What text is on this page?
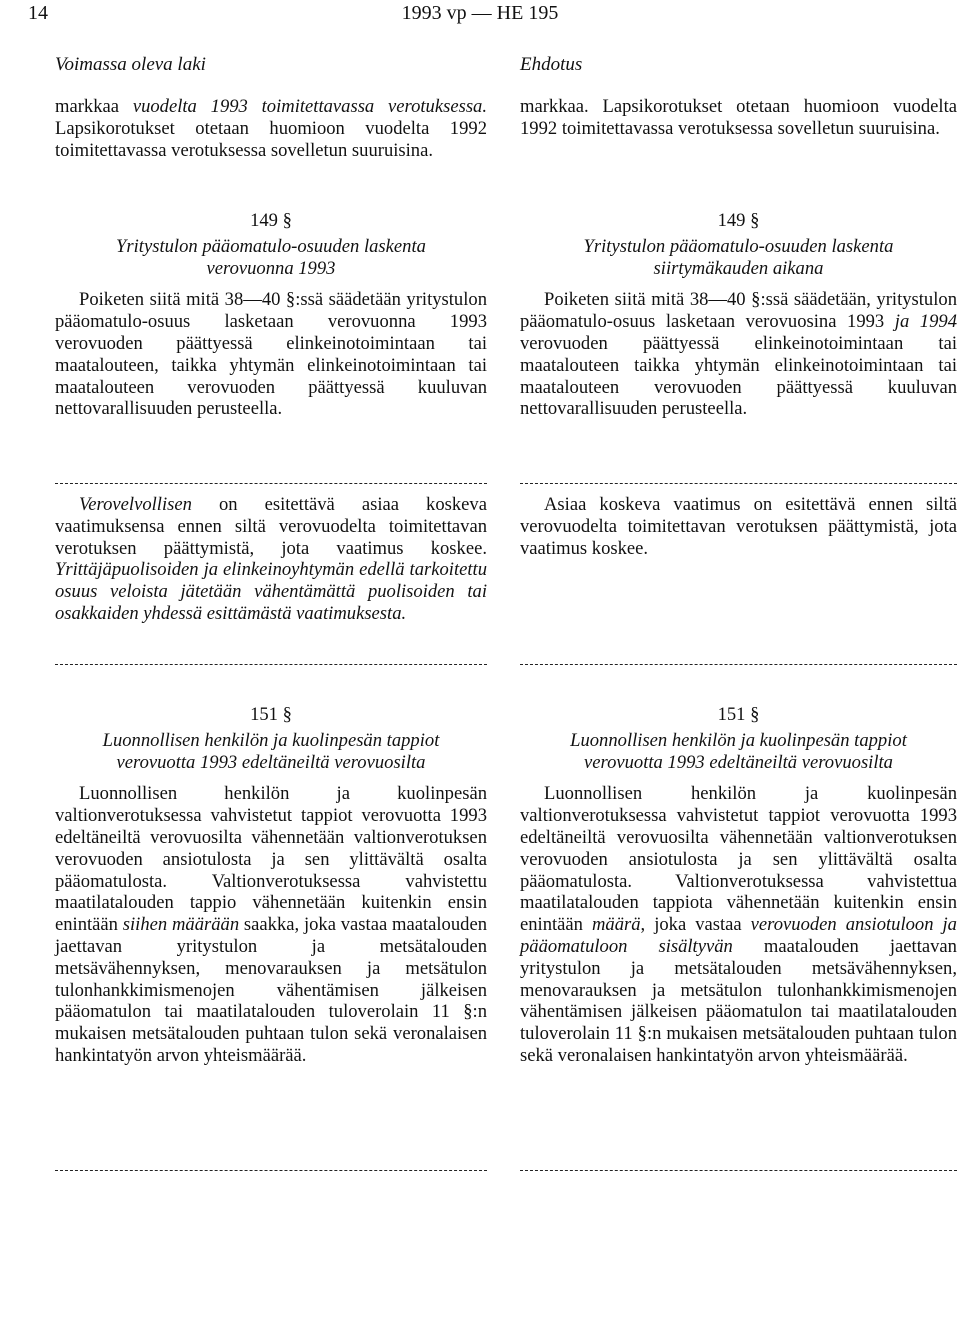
14	1993 vp — HE 195
Voimassa oleva laki	Ehdotus

markkaa vuodelta 1993 toimitettavassa verotuksessa. Lapsikorotukset otetaan huomioon vuodelta 1992 toimitettavassa verotuksessa sovelletun suuruisina.

149 §
Yritystulon pääomatulo-osuuden laskenta
verovuonna 1993

Poiketen siitä mitä 38—40 §:ssä säädetään yritystulon pääomatulo-osuus lasketaan verovuonna 1993 verovuoden päättyessä elinkeinotoimintaan tai maatalouteen, taikka yhtymän elinkeinotoimintaan tai maatalouteen verovuoden päättyessä kuuluvan nettovarallisuuden perusteella.

Verovelvollisen on esitettävä asiaa koskeva vaatimuksensa ennen siltä verovuodelta toimitettavan verotuksen päättymistä, jota vaatimus koskee. Yrittäjäpuolisoiden ja elinkeinoyhtymän edellä tarkoitettu osuus veloista jätetään vähentämättä puolisoiden tai osakkaiden yhdessä esittämästä vaatimuksesta.

151 §
Luonnollisen henkilön ja kuolinpesän tappiot
verovuotta 1993 edeltäneiltä verovuosilta

Luonnollisen henkilön ja kuolinpesän valtionverotuksessa vahvistetut tappiot verovuotta 1993 edeltäneiltä verovuosilta vähennetään valtionverotuksen verovuoden ansiotulosta ja sen ylittävältä osalta pääomatulosta. Valtionverotuksessa vahvistettu maatilatalouden tappio vähennetään kuitenkin ensin enintään siihen määrään saakka, joka vastaa maatalouden jaettavan yritystulon ja metsätalouden metsävähennyksen, menovarauksen ja metsätulon tulonhankkimismenojen vähentämisen jälkeisen pääomatulon tai maatilatalouden tuloverolain 11 §:n mukaisen metsätalouden puhtaan tulon sekä veronalaisen hankintatyön arvon yhteismäärää.

markkaa. Lapsikorotukset otetaan huomioon vuodelta 1992 toimitettavassa verotuksessa sovelletun suuruisina.

149 §
Yritystulon pääomatulo-osuuden laskenta
siirtymäkauden aikana

Poiketen siitä mitä 38—40 §:ssä säädetään, yritystulon pääomatulo-osuus lasketaan verovuosina 1993 ja 1994 verovuoden päättyessä elinkeinotoimintaan tai maatalouteen taikka yhtymän elinkeinotoimintaan tai maatalouteen verovuoden päättyessä kuuluvan nettovarallisuuden perusteella.

Asiaa koskeva vaatimus on esitettävä ennen siltä verovuodelta toimitettavan verotuksen päättymistä, jota vaatimus koskee.

151 §
Luonnollisen henkilön ja kuolinpesän tappiot
verovuotta 1993 edeltäneiltä verovuosilta

Luonnollisen henkilön ja kuolinpesän valtionverotuksessa vahvistetut tappiot verovuotta 1993 edeltäneiltä verovuosilta vähennetään valtionverotuksen verovuoden ansiotulosta ja sen ylittävältä osalta pääomatulosta. Valtionverotuksessa vahvistettua maatilatalouden tappiota vähennetään kuitenkin ensin enintään määrä, joka vastaa verovuoden ansiotuloon ja pääomatuloon sisältyvän maatalouden jaettavan yritystulon ja metsätalouden metsävähennyksen, menovarauksen ja metsätulon tulonhankkimismenojen vähentämisen jälkeisen pääomatulon tai maatilatalouden tuloverolain 11 §:n mukaisen metsätalouden puhtaan tulon sekä veronalaisen hankintatyön arvon yhteismäärää.
